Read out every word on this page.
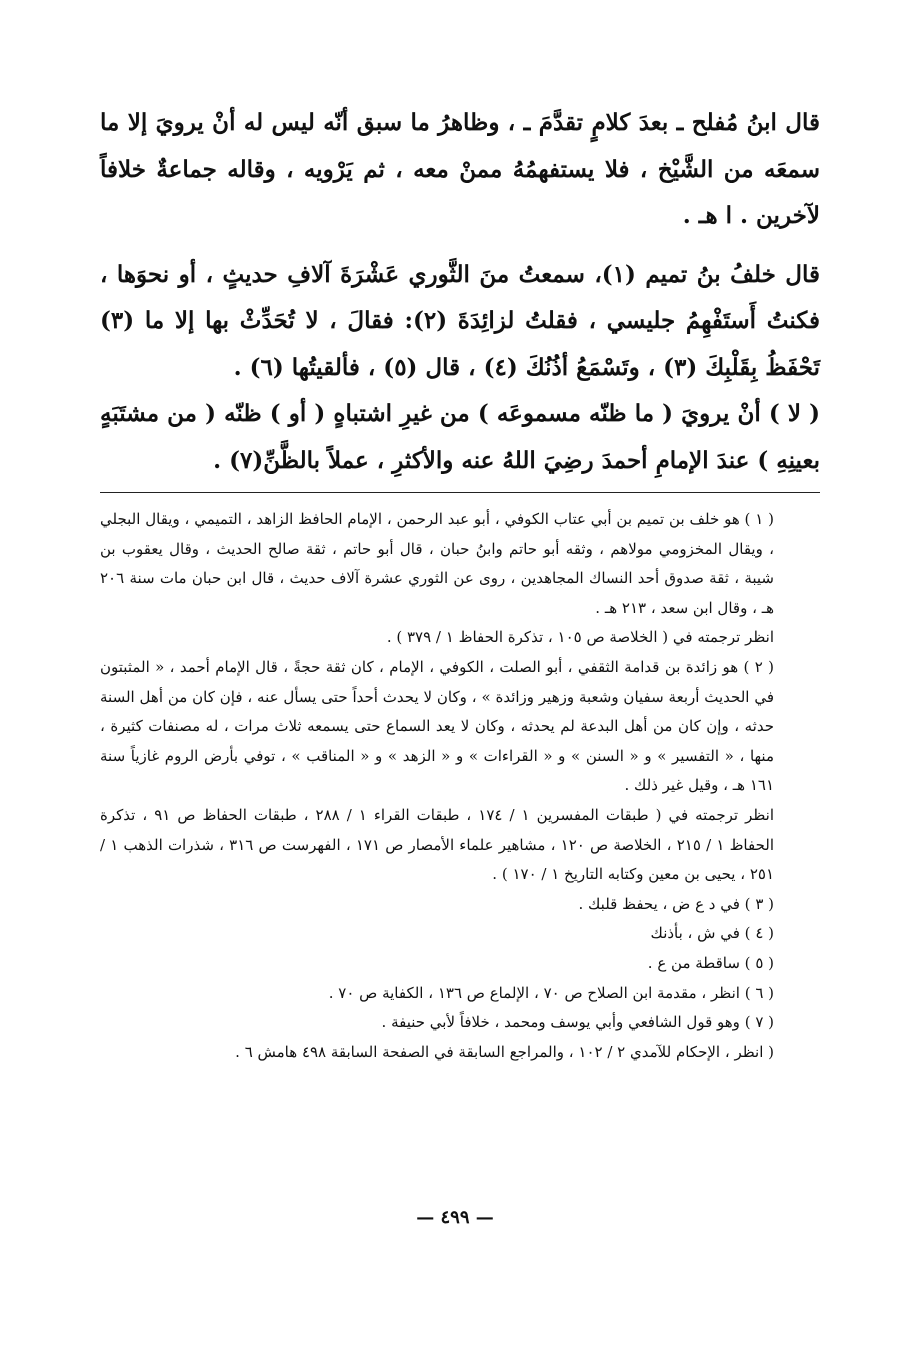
قال ابنُ مُفلح ـ بعدَ كلامٍ تقدَّمَ ـ ، وظاهرُ ما سبق أنّه ليس له أنْ يرويَ إلا ما سمعَه من الشَّيْخ ، فلا يستفهمُهُ ممنْ معه ، ثم يَرْويه ، وقاله جماعةٌ خلافاً لآخرين . ا هـ .

قال خلفُ بنُ تميم (١)، سمعتُ منَ الثَّوري عَشْرَةَ آلافِ حديثٍ ، أو نحوَها ، فكنتُ أَستَفْهِمُ جليسي ، فقلتُ لزائِدَةَ (٢): فقالَ ، لا تُحَدِّثْ بها إلا ما (٣) تَحْفَظُ بِقَلْبِكَ (٣) ، وتَسْمَعُ أذُنُكَ (٤) ، قال (٥) ، فألقيتُها (٦) .

( لا ) أنْ يرويَ ( ما ظنّه مسموعَه ) من غيرِ اشتباهٍ ( أو ) ظنّه ( من مشتَبَهٍ بعينِهِ ) عندَ الإمامِ أحمدَ رضِيَ اللهُ عنه والأكثرِ ، عملاً بالظَّنِّ(٧) .

( ١ ) هو خلف بن تميم بن أبي عتاب الكوفي ، أبو عبد الرحمن ، الإمام الحافظ الزاهد ، التميمي ، ويقال البجلي ، ويقال المخزومي مولاهم ، وثقه أبو حاتم وابنُ حبان ، قال أبو حاتم ، ثقة صالح الحديث ، وقال يعقوب بن شيبة ، ثقة صدوق أحد النساك المجاهدين ، روى عن الثوري عشرة آلاف حديث ، قال ابن حبان مات سنة ٢٠٦ هـ ، وقال ابن سعد ، ٢١٣ هـ .

انظر ترجمته في ( الخلاصة ص ١٠٥ ، تذكرة الحفاظ ١ / ٣٧٩ ) .

( ٢ ) هو زائدة بن قدامة الثقفي ، أبو الصلت ، الكوفي ، الإمام ، كان ثقة حجةً ، قال الإمام أحمد ، « المثبتون في الحديث أربعة سفيان وشعبة وزهير وزائدة » ، وكان لا يحدث أحداً حتى يسأل عنه ، فإن كان من أهل السنة حدثه ، وإن كان من أهل البدعة لم يحدثه ، وكان لا يعد السماع حتى يسمعه ثلاث مرات ، له مصنفات كثيرة ، منها ، « التفسير » و « السنن » و « القراءات » و « الزهد » و « المناقب » ، توفي بأرض الروم غازياً سنة ١٦١ هـ ، وقيل غير ذلك .

انظر ترجمته في ( طبقات المفسرين ١ / ١٧٤ ، طبقات القراء ١ / ٢٨٨ ، طبقات الحفاظ ص ٩١ ، تذكرة الحفاظ ١ / ٢١٥ ، الخلاصة ص ١٢٠ ، مشاهير علماء الأمصار ص ١٧١ ، الفهرست ص ٣١٦ ، شذرات الذهب ١ / ٢٥١ ، يحيى بن معين وكتابه التاريخ ١ / ١٧٠ ) .

( ٣ ) في د ع ض ، يحفظ قلبك .

( ٤ ) في ش ، بأذنك

( ٥ ) ساقطة من ع .

( ٦ ) انظر ، مقدمة ابن الصلاح ص ٧٠ ، الإلماع ص ١٣٦ ، الكفاية ص ٧٠ .

( ٧ ) وهو قول الشافعي وأبي يوسف ومحمد ، خلافاً لأبي حنيفة .

( انظر ، الإحكام للآمدي ٢ / ١٠٢ ، والمراجع السابقة في الصفحة السابقة ٤٩٨ هامش ٦ .

— ٤٩٩ —
